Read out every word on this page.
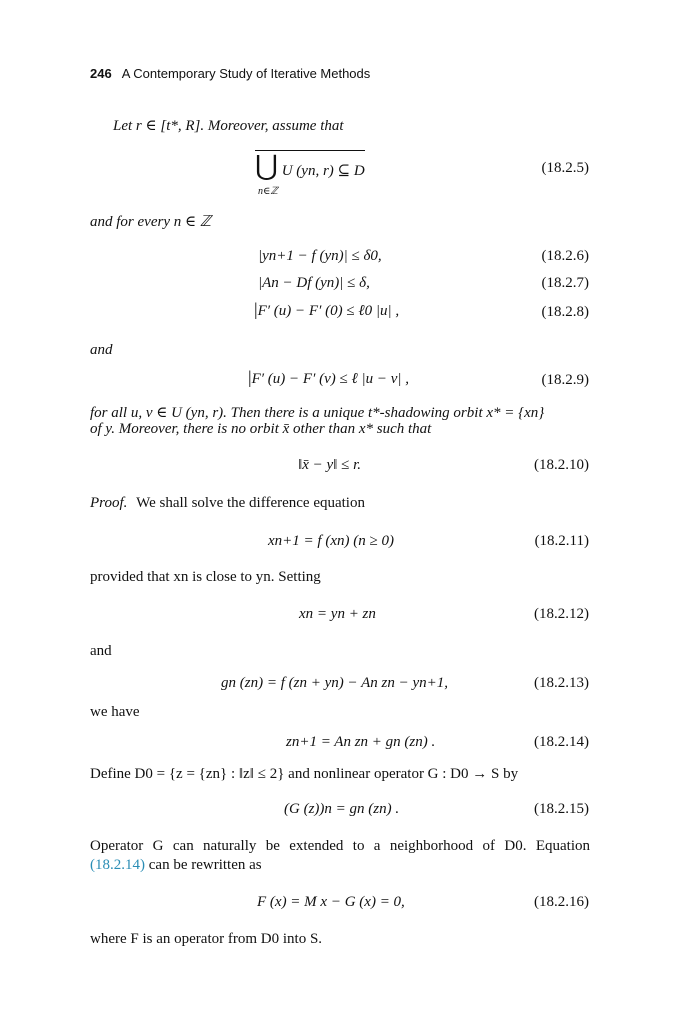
246 A Contemporary Study of Iterative Methods
Let r ∈ [t*, R]. Moreover, assume that
⋃ U (yn, r) ⊆ D
n∈ℤ
(18.2.5)
and for every n ∈ ℤ
|yn+1 − f (yn)| ≤ δ0,	(18.2.6)
|An − Df (yn)| ≤ δ,	(18.2.7)
|F′ (u) − F′ (0) ≤ ℓ0 |u| ,	(18.2.8)
and
|F′ (u) − F′ (v) ≤ ℓ |u − v| ,	(18.2.9)
for all u, v ∈ U (yn, r). Then there is a unique t*-shadowing orbit x* = {xn}
of y. Moreover, there is no orbit x̄ other than x* such that
‖x̄ − y‖ ≤ r.	(18.2.10)
Proof. We shall solve the difference equation
xn+1 = f (xn) (n ≥ 0)	(18.2.11)
provided that xn is close to yn. Setting
xn = yn + zn	(18.2.12)
and
gn (zn) = f (zn + yn) − An zn − yn+1,	(18.2.13)
we have
zn+1 = An zn + gn (zn) .	(18.2.14)
Define D0 = {z = {zn} : ‖z‖ ≤ 2} and nonlinear operator G : D0 → S by
(G (z))n = gn (zn) .	(18.2.15)
Operator G can naturally be extended to a neighborhood of D0. Equation
(18.2.14) can be rewritten as
F (x) = M x − G (x) = 0,	(18.2.16)
where F is an operator from D0 into S.
